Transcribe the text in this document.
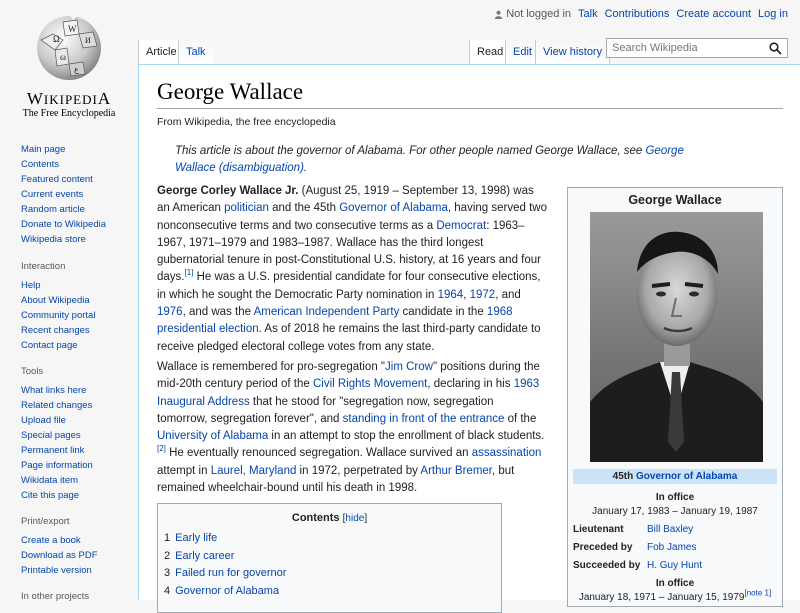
Not logged in Talk Contributions Create account Log in
Ω
W
И
ω
ع
WIKIPEDIA
The Free Encyclopedia
Main page
Contents
Featured content
Current events
Random article
Donate to Wikipedia
Wikipedia store
Interaction
Help
About Wikipedia
Community portal
Recent changes
Contact page
Tools
What links here
Related changes
Upload file
Special pages
Permanent link
Page information
Wikidata item
Cite this page
Print/export
Create a book
Download as PDF
Printable version
In other projects
Article Talk	Read Edit View history
Search Wikipedia
George Wallace
From Wikipedia, the free encyclopedia
This article is about the governor of Alabama. For other people named George Wallace, see George Wallace (disambiguation).
George Corley Wallace Jr. (August 25, 1919 – September 13, 1998) was an American politician and the 45th Governor of Alabama, having served two nonconsecutive terms and two consecutive terms as a Democrat: 1963–1967, 1971–1979 and 1983–1987. Wallace has the third longest gubernatorial tenure in post-Constitutional U.S. history, at 16 years and four days.[1] He was a U.S. presidential candidate for four consecutive elections, in which he sought the Democratic Party nomination in 1964, 1972, and 1976, and was the American Independent Party candidate in the 1968 presidential election. As of 2018 he remains the last third-party candidate to receive pledged electoral college votes from any state.
Wallace is remembered for pro-segregation "Jim Crow" positions during the mid-20th century period of the Civil Rights Movement, declaring in his 1963 Inaugural Address that he stood for "segregation now, segregation tomorrow, segregation forever", and standing in front of the entrance of the University of Alabama in an attempt to stop the enrollment of black students.[2] He eventually renounced segregation. Wallace survived an assassination attempt in Laurel, Maryland in 1972, perpetrated by Arthur Bremer, but remained wheelchair-bound until his death in 1998.
Contents [hide]
1 Early life
2 Early career
3 Failed run for governor
4 Governor of Alabama
George Wallace
45th Governor of Alabama
In office
January 17, 1983 – January 19, 1987
Lieutenant	Bill Baxley
Preceded by	Fob James
Succeeded by H. Guy Hunt
In office
January 18, 1971 – January 15, 1979[note 1]
